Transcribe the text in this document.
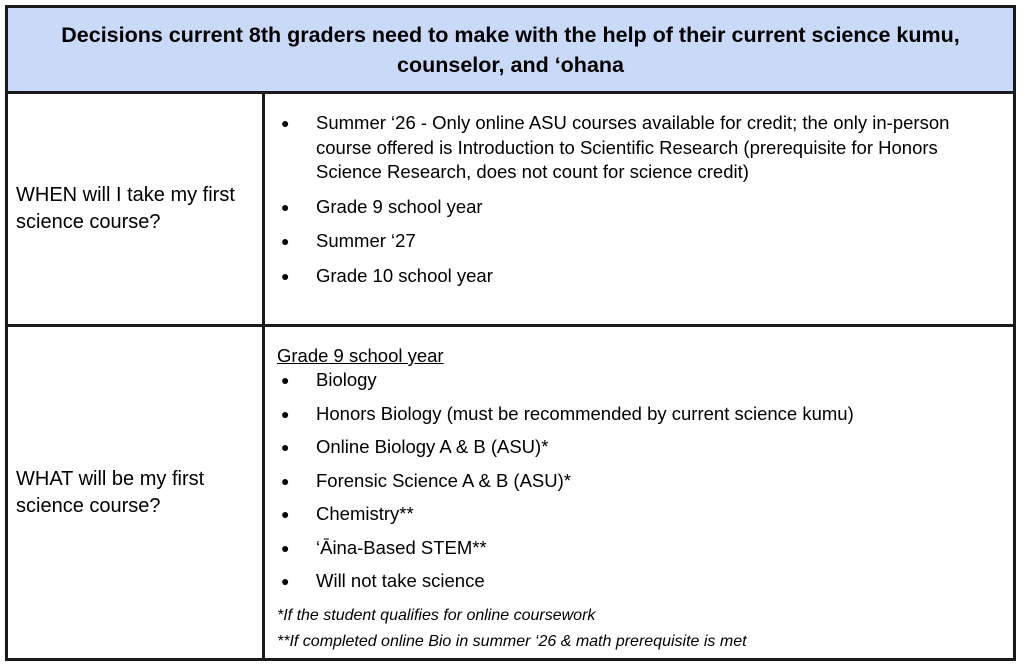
Decisions current 8th graders need to make with the help of their current science kumu, counselor, and ‘ohana
WHEN will I take my first science course?
● Summer ‘26 - Only online ASU courses available for credit; the only in-person course offered is Introduction to Scientific Research (prerequisite for Honors Science Research, does not count for science credit)
● Grade 9 school year
● Summer ‘27
● Grade 10 school year
WHAT will be my first science course?
Grade 9 school year
● Biology
● Honors Biology (must be recommended by current science kumu)
● Online Biology A & B (ASU)*
● Forensic Science A & B (ASU)*
● Chemistry**
● ‘Āina-Based STEM**
● Will not take science
*If the student qualifies for online coursework
**If completed online Bio in summer ‘26 & math prerequisite is met
